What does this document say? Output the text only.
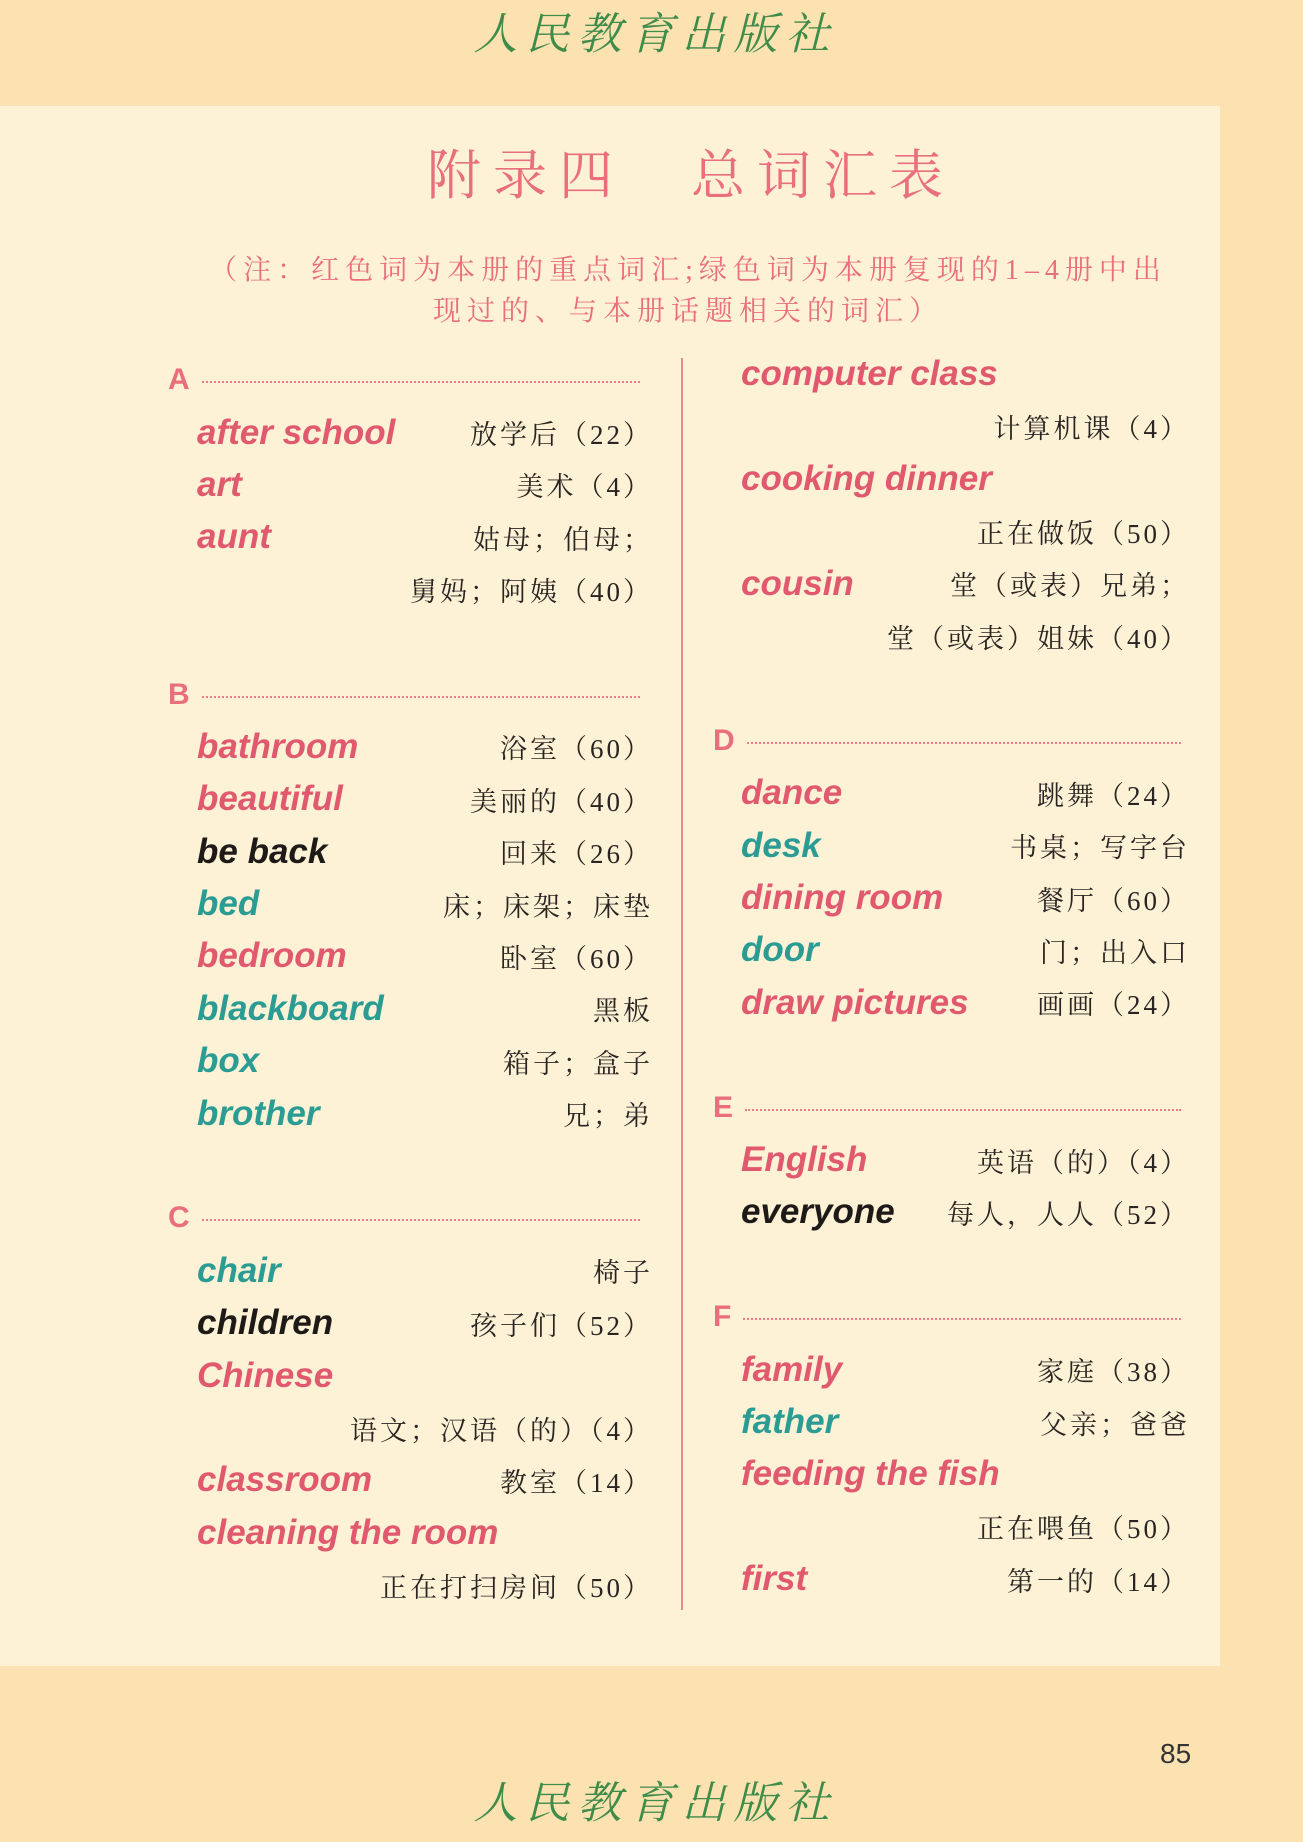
人民教育出版社
附录四　总词汇表
（注：红色词为本册的重点词汇;绿色词为本册复现的1–4册中出
现过的、与本册话题相关的词汇）
A
after school	放学后（22）
art	美术（4）
aunt	姑母；伯母；
舅妈；阿姨（40）
B
bathroom	浴室（60）
beautiful	美丽的（40）
be back	回来（26）
bed	床；床架；床垫
bedroom	卧室（60）
blackboard	黑板
box	箱子；盒子
brother	兄；弟
C
chair	椅子
children	孩子们（52）
Chinese
语文；汉语（的）（4）
classroom	教室（14）
cleaning the room
正在打扫房间（50）
computer class
计算机课（4）
cooking dinner
正在做饭（50）
cousin	堂（或表）兄弟；
堂（或表）姐妹（40）
D
dance	跳舞（24）
desk	书桌；写字台
dining room	餐厅（60）
door	门；出入口
draw pictures	画画（24）
E
English	英语（的）（4）
everyone 每人，人人（52）
F
family	家庭（38）
father	父亲；爸爸
feeding the fish
正在喂鱼（50）
first	第一的（14）
85
人民教育出版社
